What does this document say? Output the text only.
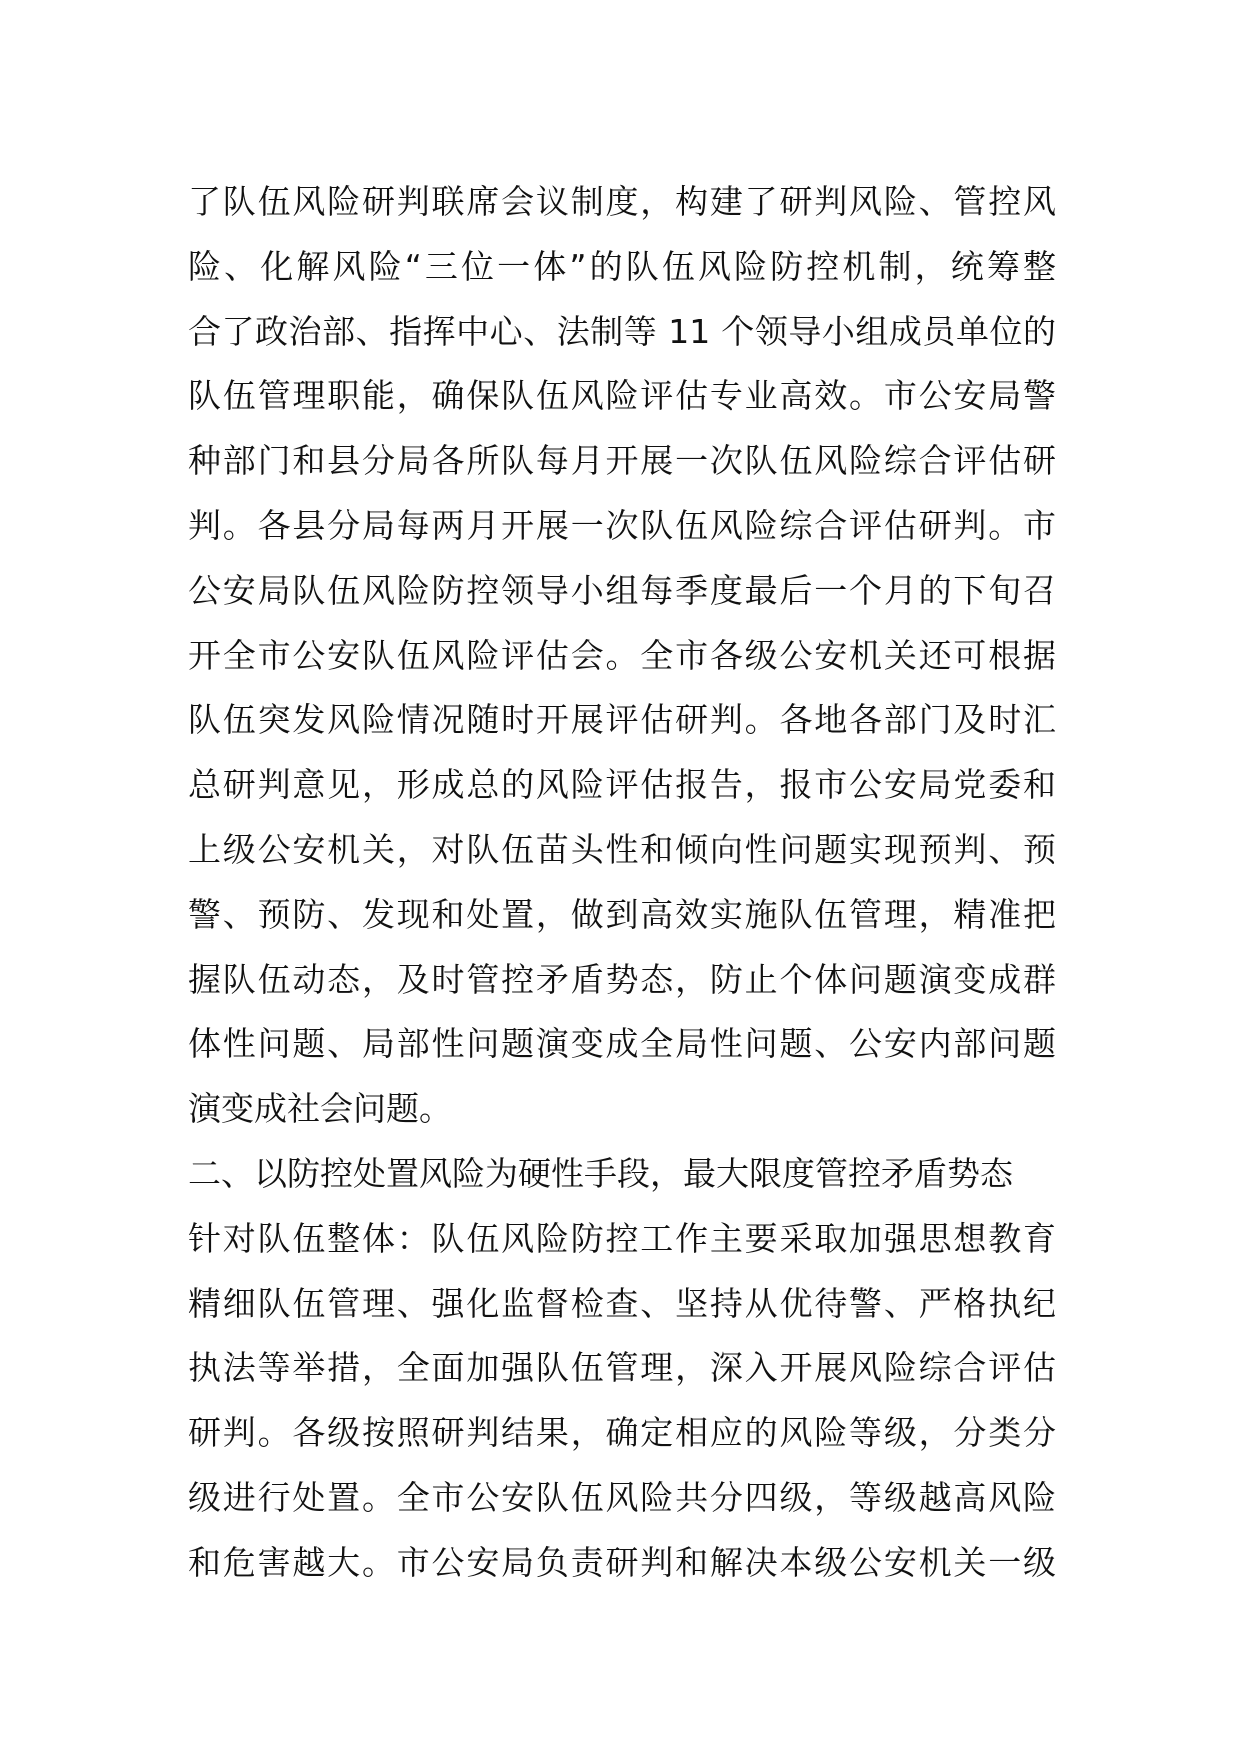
了队伍风险研判联席会议制度，构建了研判风险、管控风
险、化解风险“三位一体”的队伍风险防控机制，统筹整
合了政治部、指挥中心、法制等 11 个领导小组成员单位的
队伍管理职能，确保队伍风险评估专业高效。市公安局警
种部门和县分局各所队每月开展一次队伍风险综合评估研
判。各县分局每两月开展一次队伍风险综合评估研判。市
公安局队伍风险防控领导小组每季度最后一个月的下旬召
开全市公安队伍风险评估会。全市各级公安机关还可根据
队伍突发风险情况随时开展评估研判。各地各部门及时汇
总研判意见，形成总的风险评估报告，报市公安局党委和
上级公安机关，对队伍苗头性和倾向性问题实现预判、预
警、预防、发现和处置，做到高效实施队伍管理，精准把
握队伍动态，及时管控矛盾势态，防止个体问题演变成群
体性问题、局部性问题演变成全局性问题、公安内部问题
演变成社会问题。
二、以防控处置风险为硬性手段，最大限度管控矛盾势态
针对队伍整体：队伍风险防控工作主要采取加强思想教育
精细队伍管理、强化监督检查、坚持从优待警、严格执纪
执法等举措，全面加强队伍管理，深入开展风险综合评估
研判。各级按照研判结果，确定相应的风险等级，分类分
级进行处置。全市公安队伍风险共分四级，等级越高风险
和危害越大。市公安局负责研判和解决本级公安机关一级
